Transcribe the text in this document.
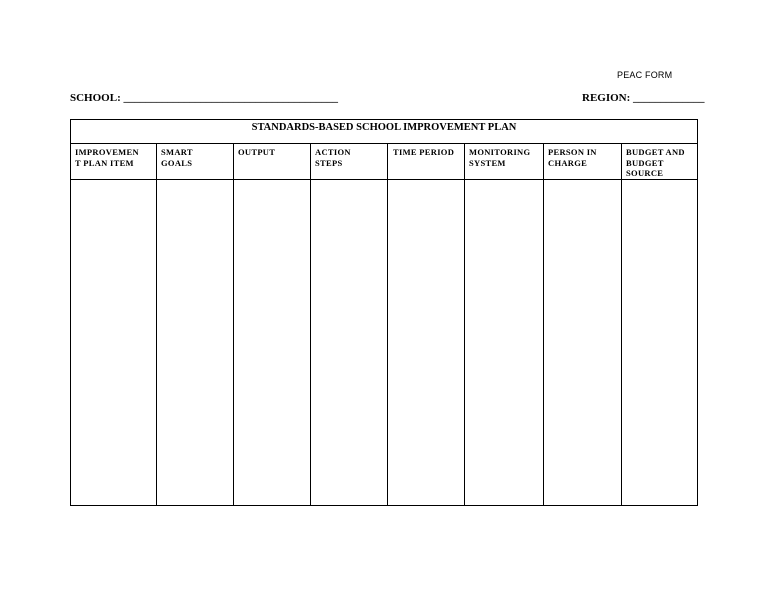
PEAC FORM
SCHOOL: _______________________________________	REGION: _____________
STANDARDS-BASED SCHOOL IMPROVEMENT PLAN
IMPROVEMEN
T PLAN ITEM
SMART
GOALS
OUTPUT	ACTION
STEPS
TIME PERIOD MONITORING
SYSTEM
PERSON IN
CHARGE
BUDGET AND
BUDGET
SOURCE
